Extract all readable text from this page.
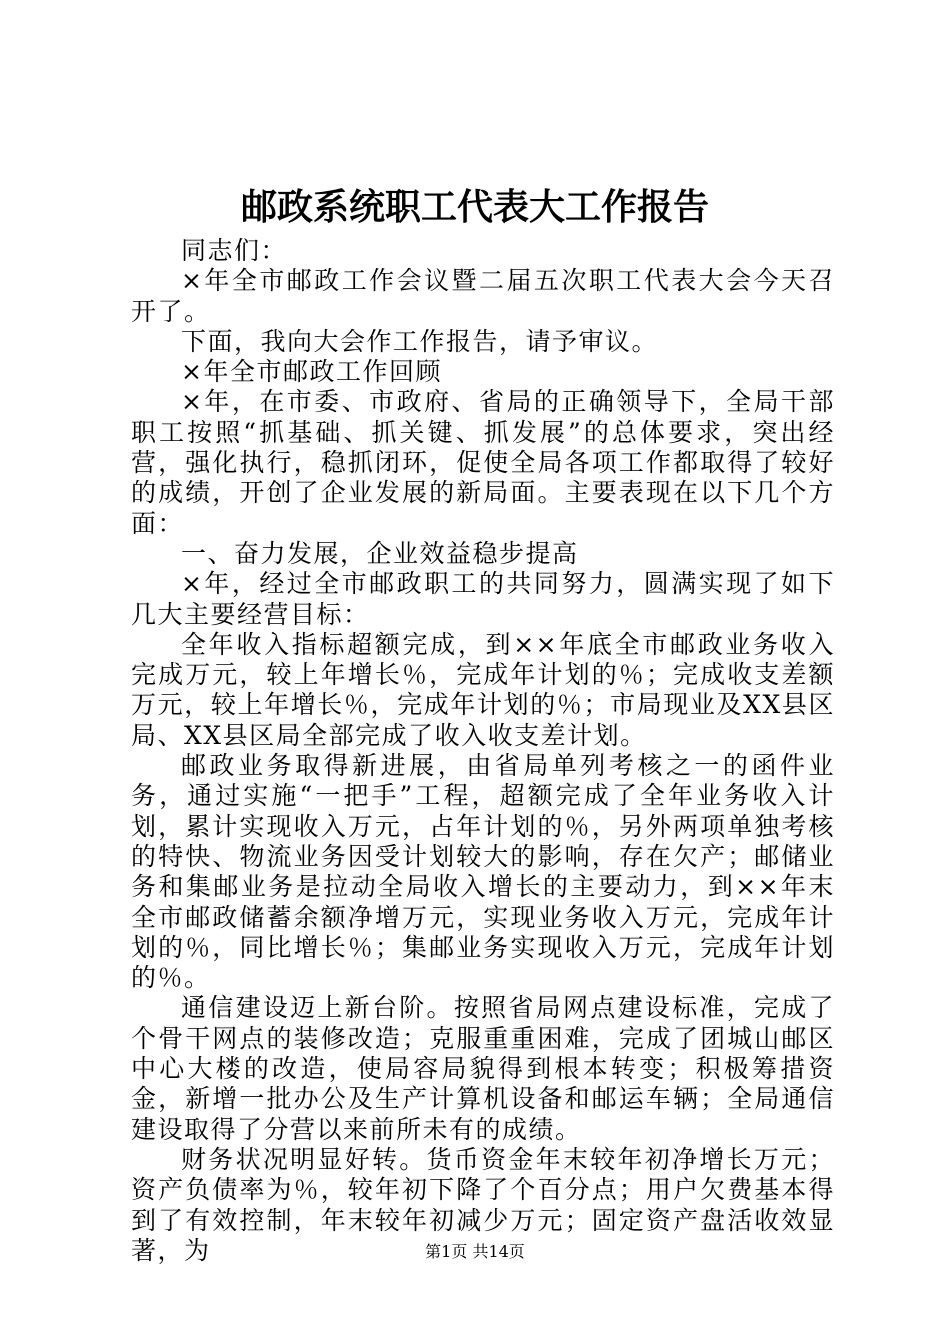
邮政系统职工代表大工作报告

同志们：

×年全市邮政工作会议暨二届五次职工代表大会今天召开了。

下面，我向大会作工作报告，请予审议。

×年全市邮政工作回顾

×年，在市委、市政府、省局的正确领导下，全局干部职工按照“抓基础、抓关键、抓发展”的总体要求，突出经营，强化执行，稳抓闭环，促使全局各项工作都取得了较好的成绩，开创了企业发展的新局面。主要表现在以下几个方面：

一、奋力发展，企业效益稳步提高

×年，经过全市邮政职工的共同努力，圆满实现了如下几大主要经营目标：

全年收入指标超额完成，到××年底全市邮政业务收入完成万元，较上年增长％，完成年计划的％；完成收支差额万元，较上年增长％，完成年计划的％；市局现业及XX县区局、XX县区局全部完成了收入收支差计划。

邮政业务取得新进展，由省局单列考核之一的函件业务，通过实施“一把手”工程，超额完成了全年业务收入计划，累计实现收入万元，占年计划的％，另外两项单独考核的特快、物流业务因受计划较大的影响，存在欠产；邮储业务和集邮业务是拉动全局收入增长的主要动力，到××年末全市邮政储蓄余额净增万元，实现业务收入万元，完成年计划的％，同比增长％；集邮业务实现收入万元，完成年计划的％。

通信建设迈上新台阶。按照省局网点建设标准，完成了个骨干网点的装修改造；克服重重困难，完成了团城山邮区中心大楼的改造，使局容局貌得到根本转变；积极筹措资金，新增一批办公及生产计算机设备和邮运车辆；全局通信建设取得了分营以来前所未有的成绩。

财务状况明显好转。货币资金年末较年初净增长万元；资产负债率为％，较年初下降了个百分点；用户欠费基本得到了有效控制，年末较年初减少万元；固定资产盘活收效显著，为	第1页 共14页
